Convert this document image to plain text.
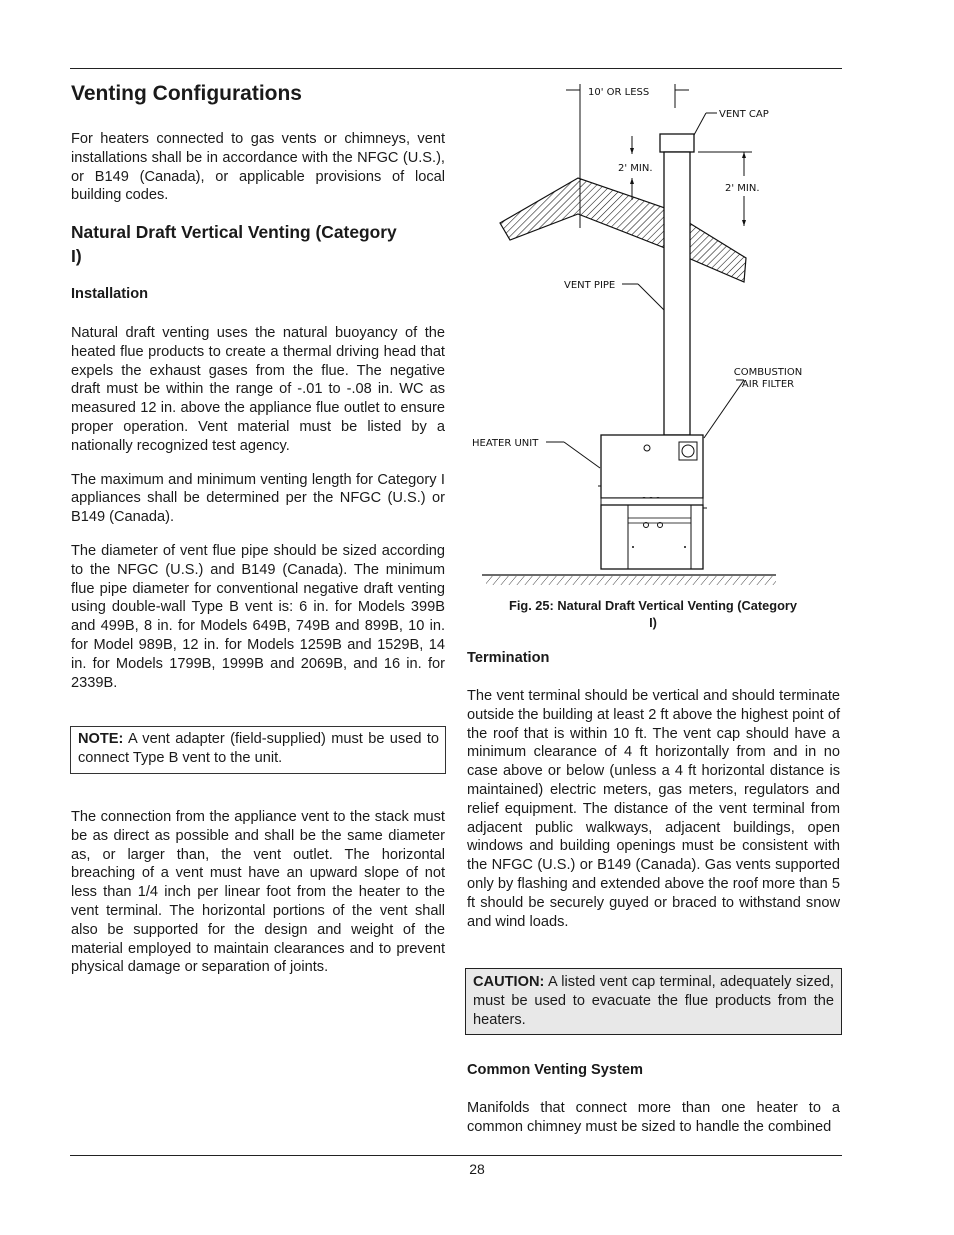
Venting Configurations

For heaters connected to gas vents or chimneys, vent installations shall be in accordance with the NFGC (U.S.), or B149 (Canada), or applicable provisions of local building codes.

Natural Draft Vertical Venting (Category I)
Installation

Natural draft venting uses the natural buoyancy of the heated flue products to create a thermal driving head that expels the exhaust gases from the flue. The negative draft must be within the range of -.01 to -.08 in. WC as measured 12 in. above the appliance flue outlet to ensure proper operation. Vent material must be listed by a nationally recognized test agency.

The maximum and minimum venting length for Category I appliances shall be determined per the NFGC (U.S.) or B149 (Canada).

The diameter of vent flue pipe should be sized according to the NFGC (U.S.) and B149 (Canada). The minimum flue pipe diameter for conventional negative draft venting using double-wall Type B vent is: 6 in. for Models 399B and 499B, 8 in. for Models 649B, 749B and 899B, 10 in. for Model 989B, 12 in. for Models 1259B and 1529B, 14 in. for Models 1799B, 1999B and 2069B, and 16 in. for 2339B.

NOTE: A vent adapter (field-supplied) must be used to connect Type B vent to the unit.

The connection from the appliance vent to the stack must be as direct as possible and shall be the same diameter as, or larger than, the vent outlet. The horizontal breaching of a vent must have an upward slope of not less than 1/4 inch per linear foot from the heater to the vent terminal. The horizontal portions of the vent shall also be supported for the design and weight of the material employed to maintain clearances and to prevent physical damage or separation of joints.

10' OR LESS
VENT CAP
2' MIN.
2' MIN.
VENT PIPE
COMBUSTION
AIR FILTER
HEATER UNIT
Fig. 25: Natural Draft Vertical Venting (Category I)
Termination

The vent terminal should be vertical and should terminate outside the building at least 2 ft above the highest point of the roof that is within 10 ft. The vent cap should have a minimum clearance of 4 ft horizontally from and in no case above or below (unless a 4 ft horizontal distance is maintained) electric meters, gas meters, regulators and relief equipment. The distance of the vent terminal from adjacent public walkways, adjacent buildings, open windows and building openings must be consistent with the NFGC (U.S.) or B149 (Canada). Gas vents supported only by flashing and extended above the roof more than 5 ft should be securely guyed or braced to withstand snow and wind loads.

CAUTION: A listed vent cap terminal, adequately sized, must be used to evacuate the flue products from the heaters.
Common Venting System

Manifolds that connect more than one heater to a common chimney must be sized to handle the combined

28
